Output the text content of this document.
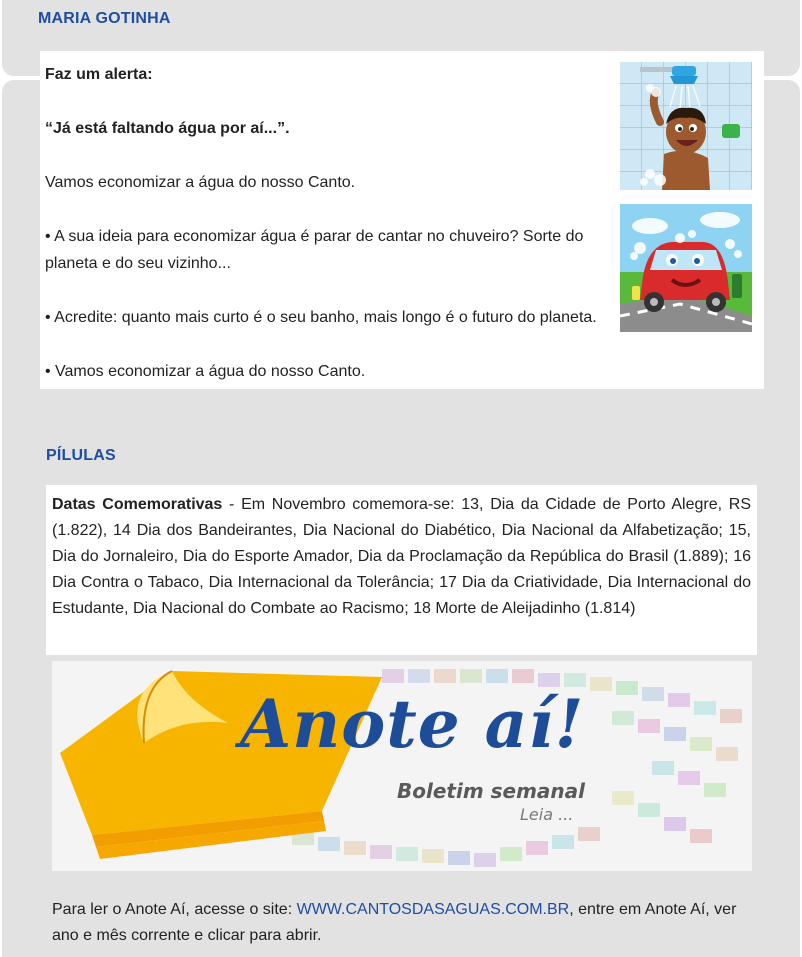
MARIA GOTINHA

Faz um alerta:

“Já está faltando água por aí...”.

Vamos economizar a água do nosso Canto.

• A sua ideia para economizar água é parar de cantar no chuveiro? Sorte do planeta e do seu vizinho...

• Acredite: quanto mais curto é o seu banho, mais longo é o futuro do planeta.

• Vamos economizar a água do nosso Canto.

PÍLULAS
Datas Comemorativas - Em Novembro comemora-se: 13, Dia da Cidade de Porto Alegre, RS (1.822), 14 Dia dos Bandeirantes, Dia Nacional do Diabético, Dia Nacional da Alfabetização; 15, Dia do Jornaleiro, Dia do Esporte Amador, Dia da Proclamação da República do Brasil (1.889); 16 Dia Contra o Tabaco, Dia Internacional da Tolerância; 17 Dia da Criatividade, Dia Internacional do Estudante, Dia Nacional do Combate ao Racismo; 18 Morte de Aleijadinho (1.814)
Anote aí!
Boletim semanal
Leia ...
Para ler o Anote Aí, acesse o site: WWW.CANTOSDASAGUAS.COM.BR, entre em Anote Aí, ver ano e mês corrente e clicar para abrir.
